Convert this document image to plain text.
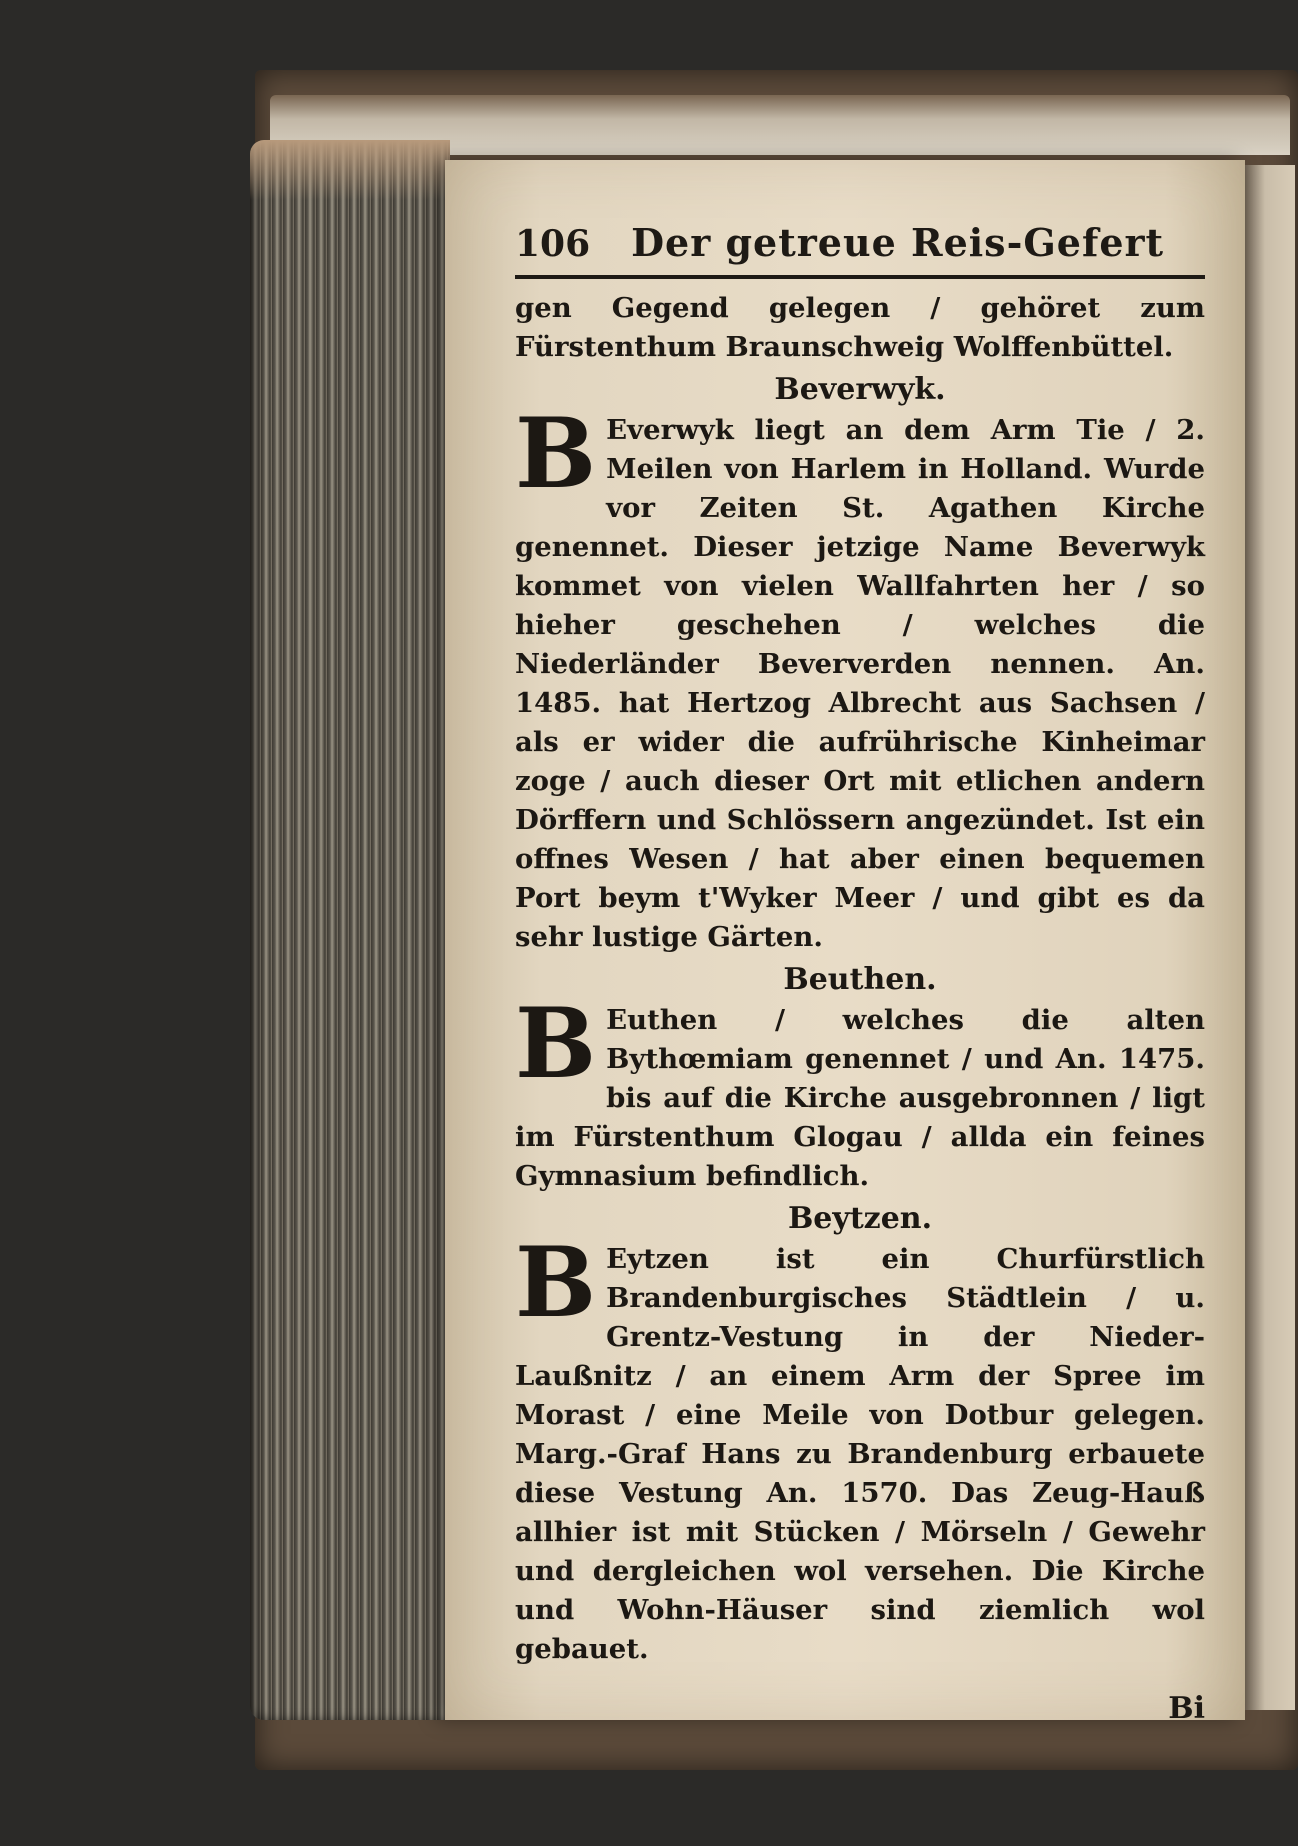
106	Der getreue Reis-Gefert

gen Gegend gelegen / gehöret zum Fürstenthum Braunschweig Wolffenbüttel.

Beverwyk.

B Everwyk liegt an dem Arm Tie / 2. Meilen von Harlem in Holland. Wurde vor Zeiten St. Agathen Kirche genennet. Dieser jetzige Name Beverwyk kommet von vielen Wallfahrten her / so hieher geschehen / welches die Niederländer Beververden nennen. An. 1485. hat Hertzog Albrecht aus Sachsen / als er wider die aufrührische Kinheimar zoge / auch dieser Ort mit etlichen andern Dörffern und Schlössern angezündet. Ist ein offnes Wesen / hat aber einen bequemen Port beym t'Wyker Meer / und gibt es da sehr lustige Gärten.

Beuthen.

B Euthen / welches die alten Bythœmiam genennet / und An. 1475. bis auf die Kirche ausgebronnen / ligt im Fürstenthum Glogau / allda ein feines Gymnasium befindlich.

Beytzen.

B Eytzen ist ein Churfürstlich Brandenburgisches Städtlein / u. Grentz-Vestung in der Nieder-Laußnitz / an einem Arm der Spree im Morast / eine Meile von Dotbur gelegen. Marg.-Graf Hans zu Brandenburg erbauete diese Vestung An. 1570. Das Zeug-Hauß allhier ist mit Stücken / Mörseln / Gewehr und dergleichen wol versehen. Die Kirche und Wohn-Häuser sind ziemlich wol gebauet.

Bi
